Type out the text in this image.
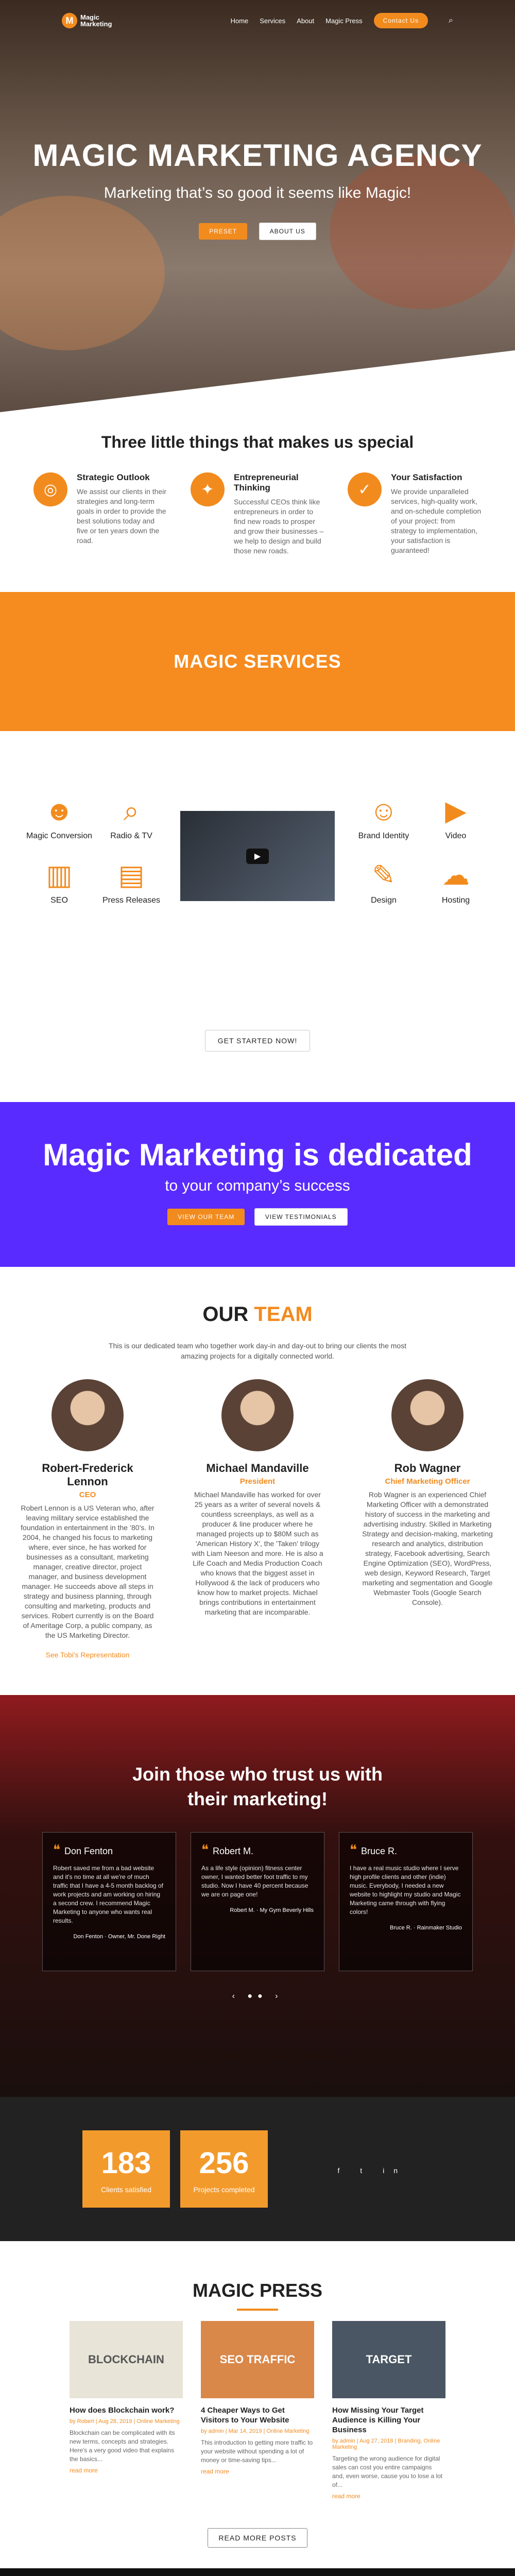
M	Magic
Marketing	Home Services About Magic Press	Contact Us	⌕
MAGIC MARKETING AGENCY

Marketing that’s so good it seems like Magic!

PRESET	ABOUT US
Three little things that makes us special
◎
Strategic Outlook

We assist our clients in their strategies and long-term goals in order to provide the best solutions today and five or ten years down the road.

✦
Entrepreneurial Thinking

Successful CEOs think like entrepreneurs in order to find new roads to prosper and grow their businesses – we help to design and build those new roads.

✓
Your Satisfaction

We provide unparalleled services, high-quality work, and on-schedule completion of your project: from strategy to implementation, your satisfaction is guaranteed!

MAGIC SERVICES
☻
Magic Conversion
⌕
Radio & TV
☺
Brand Identity
▶
Video
▥
SEO
▤
Press Releases
✎
Design
☁
Hosting
▶
GET STARTED NOW!
Magic Marketing is dedicated

to your company’s success

VIEW OUR TEAM	VIEW TESTIMONIALS
OUR TEAM

This is our dedicated team who together work day-in and day-out to bring our clients the most amazing projects for a digitally connected world.

Robert-Frederick Lennon
CEO

Robert Lennon is a US Veteran who, after leaving military service established the foundation in entertainment in the ’80’s. In 2004, he changed his focus to marketing where, ever since, he has worked for businesses as a consultant, marketing manager, creative director, project manager, and business development manager. He succeeds above all steps in strategy and business planning, through consulting and marketing, products and services. Robert currently is on the Board of Ameritage Corp, a public company, as the US Marketing Director.

See Tobi's Representation
Michael Mandaville
President

Michael Mandaville has worked for over 25 years as a writer of several novels & countless screenplays, as well as a producer & line producer where he managed projects up to $80M such as 'American History X', the 'Taken' trilogy with Liam Neeson and more. He is also a Life Coach and Media Production Coach who knows that the biggest asset in Hollywood & the lack of producers who know how to market projects. Michael brings contributions in entertainment marketing that are incomparable.

Rob Wagner
Chief Marketing Officer

Rob Wagner is an experienced Chief Marketing Officer with a demonstrated history of success in the marketing and advertising industry. Skilled in Marketing Strategy and decision-making, marketing research and analytics, distribution strategy, Facebook advertising, Search Engine Optimization (SEO), WordPress, web design, Keyword Research, Target marketing and segmentation and Google Webmaster Tools (Google Search Console).

Join those who trust us with their marketing!
❝ Don Fenton

Robert saved me from a bad website and it's no time at all we're of much traffic that I have a 4-5 month backlog of work projects and am working on hiring a second crew. I recommend Magic Marketing to anyone who wants real results.

Don Fenton · Owner, Mr. Done Right
❝ Robert M.

As a life style (opinion) fitness center owner, I wanted better foot traffic to my studio. Now I have 40 percent because we are on page one!

Robert M. · My Gym Beverly Hills
❝ Bruce R.

I have a real music studio where I serve high profile clients and other (indie) music. Everybody, I needed a new website to highlight my studio and Magic Marketing came through with flying colors!

Bruce R. · Rainmaker Studio
‹ ●● ›
183
Clients satisfied
256
Projects completed
f t in
MAGIC PRESS
BLOCKCHAIN
How does Blockchain work?
by Robert | Aug 28, 2019 | Online Marketing

Blockchain can be complicated with its new terms, concepts and strategies. Here's a very good video that explains the basics...

read more
SEO TRAFFIC
4 Cheaper Ways to Get Visitors to Your Website
by admin | Mar 14, 2019 | Online Marketing

This introduction to getting more traffic to your website without spending a lot of money or time-saving tips...

read more
TARGET
How Missing Your Target Audience is Killing Your Business
by admin | Aug 27, 2018 | Branding, Online Marketing

Targeting the wrong audience for digital sales can cost you entire campaigns and, even worse, cause you to lose a lot of...

read more
READ MORE POSTS
